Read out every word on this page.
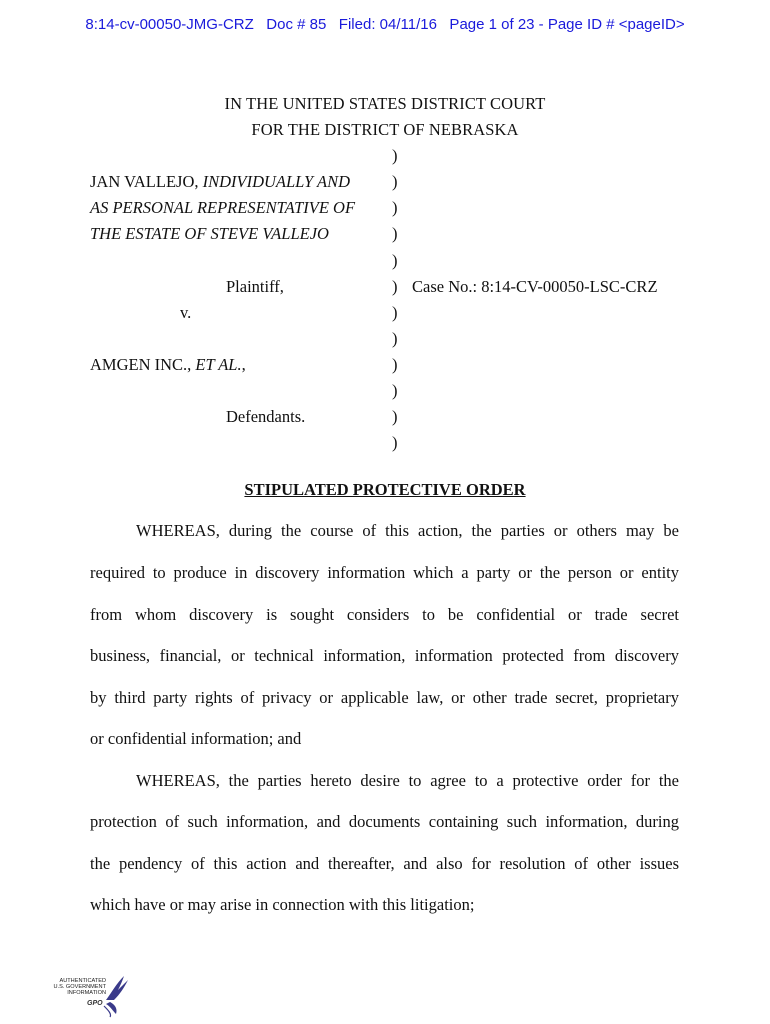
8:14-cv-00050-JMG-CRZ   Doc # 85   Filed: 04/11/16   Page 1 of 23 - Page ID # <pageID>
IN THE UNITED STATES DISTRICT COURT
FOR THE DISTRICT OF NEBRASKA
JAN VALLEJO, INDIVIDUALLY AND
AS PERSONAL REPRESENTATIVE OF
THE ESTATE OF STEVE VALLEJO
Plaintiff,
v.
AMGEN INC., ET AL.,
Defendants.
)
)
)
)
)
)
)
)
)
)
)
)
Case No.: 8:14-CV-00050-LSC-CRZ
STIPULATED PROTECTIVE ORDER
WHEREAS, during the course of this action, the parties or others may be
required to produce in discovery information which a party or the person or entity
from whom discovery is sought considers to be confidential or trade secret
business, financial, or technical information, information protected from discovery
by third party rights of privacy or applicable law, or other trade secret, proprietary
or confidential information; and
WHEREAS, the parties hereto desire to agree to a protective order for the
protection of such information, and documents containing such information, during
the pendency of this action and thereafter, and also for resolution of other issues
which have or may arise in connection with this litigation;
AUTHENTICATED
U.S. GOVERNMENT
INFORMATION
GPO
